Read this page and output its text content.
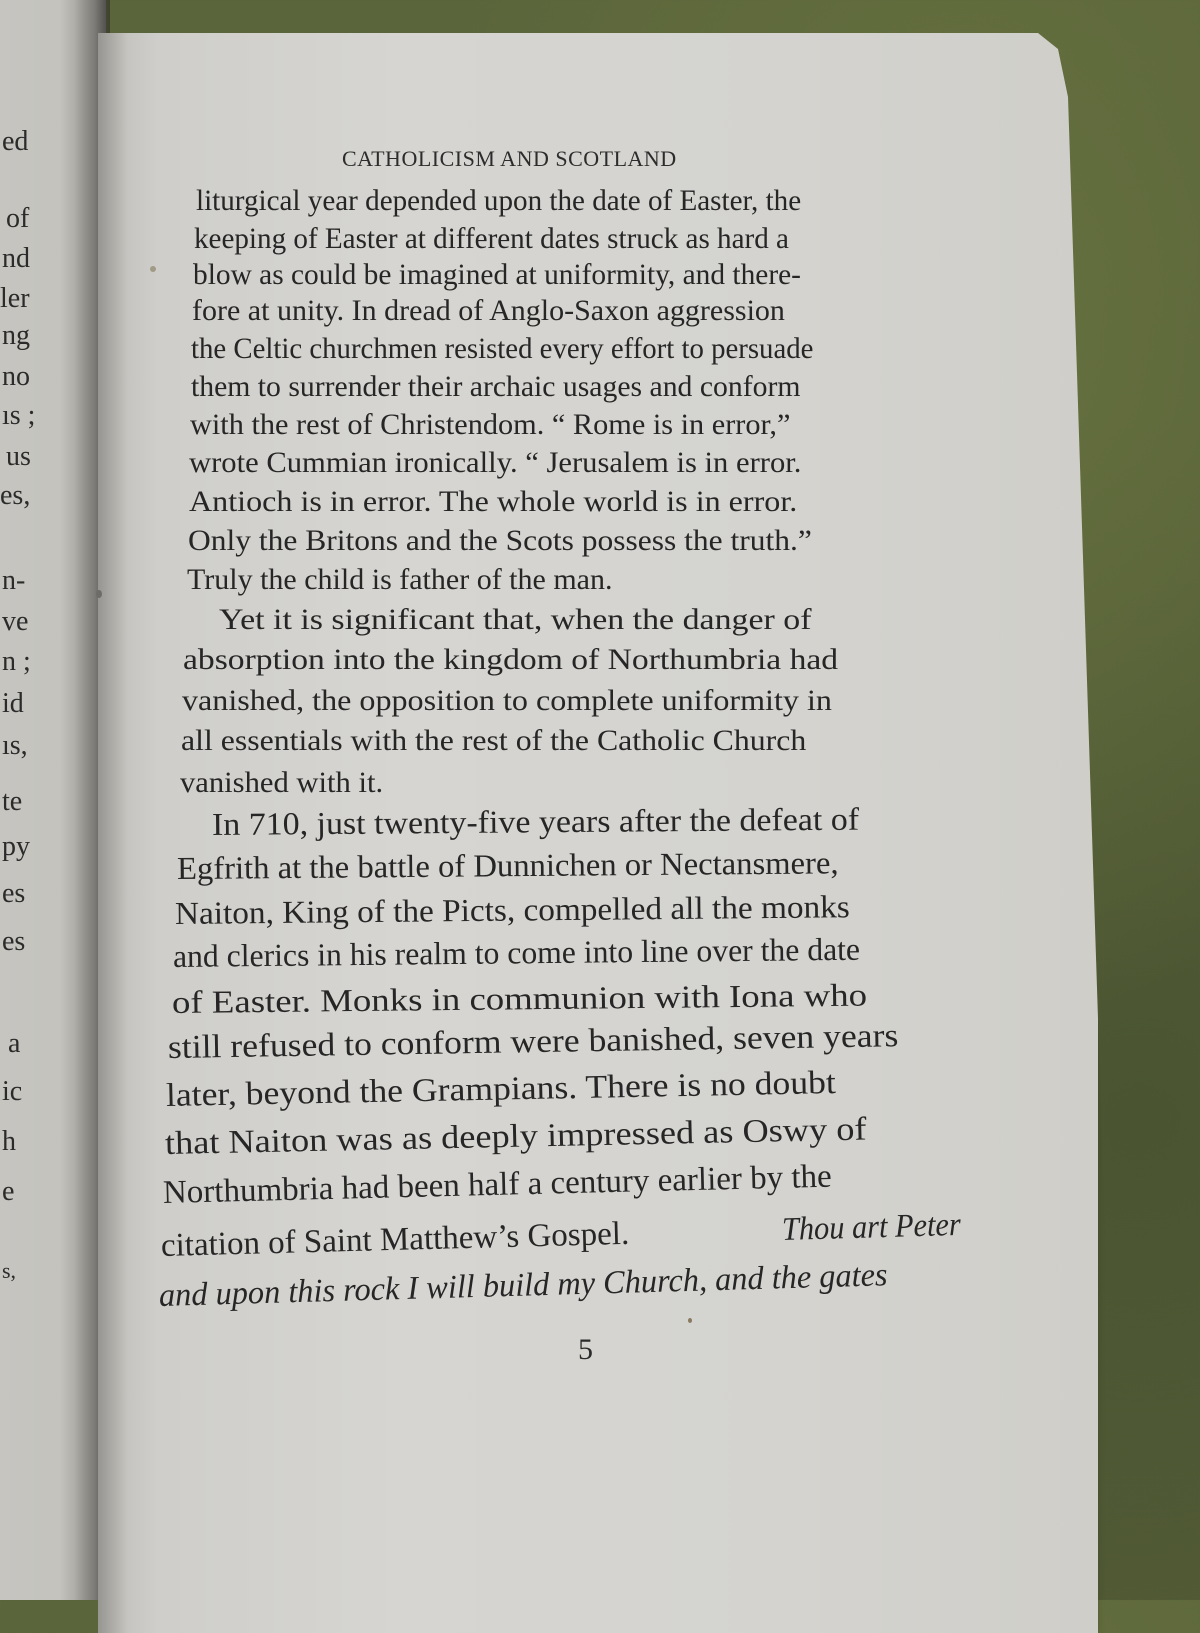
ed
of
nd
ler
ng
no
ıs ;
us
es,
n-
ve
n ;
id
ıs,
te
py
es
es
a
ic
h
e
s,
CATHOLICISM AND SCOTLAND
liturgical year depended upon the date of Easter, the
keeping of Easter at different dates struck as hard a
blow as could be imagined at uniformity, and there-
fore at unity. In dread of Anglo-Saxon aggression
the Celtic churchmen resisted every effort to persuade
them to surrender their archaic usages and conform
with the rest of Christendom. “ Rome is in error,”
wrote Cummian ironically. “ Jerusalem is in error.
Antioch is in error. The whole world is in error.
Only the Britons and the Scots possess the truth.”
Truly the child is father of the man.
Yet it is significant that, when the danger of
absorption into the kingdom of Northumbria had
vanished, the opposition to complete uniformity in
all essentials with the rest of the Catholic Church
vanished with it.
In 710, just twenty-five years after the defeat of
Egfrith at the battle of Dunnichen or Nectansmere,
Naiton, King of the Picts, compelled all the monks
and clerics in his realm to come into line over the date
of Easter. Monks in communion with Iona who
still refused to conform were banished, seven years
later, beyond the Grampians. There is no doubt
that Naiton was as deeply impressed as Oswy of
Northumbria had been half a century earlier by the
citation of Saint Matthew’s Gospel.	Thou art Peter
and upon this rock I will build my Church, and the gates
5
